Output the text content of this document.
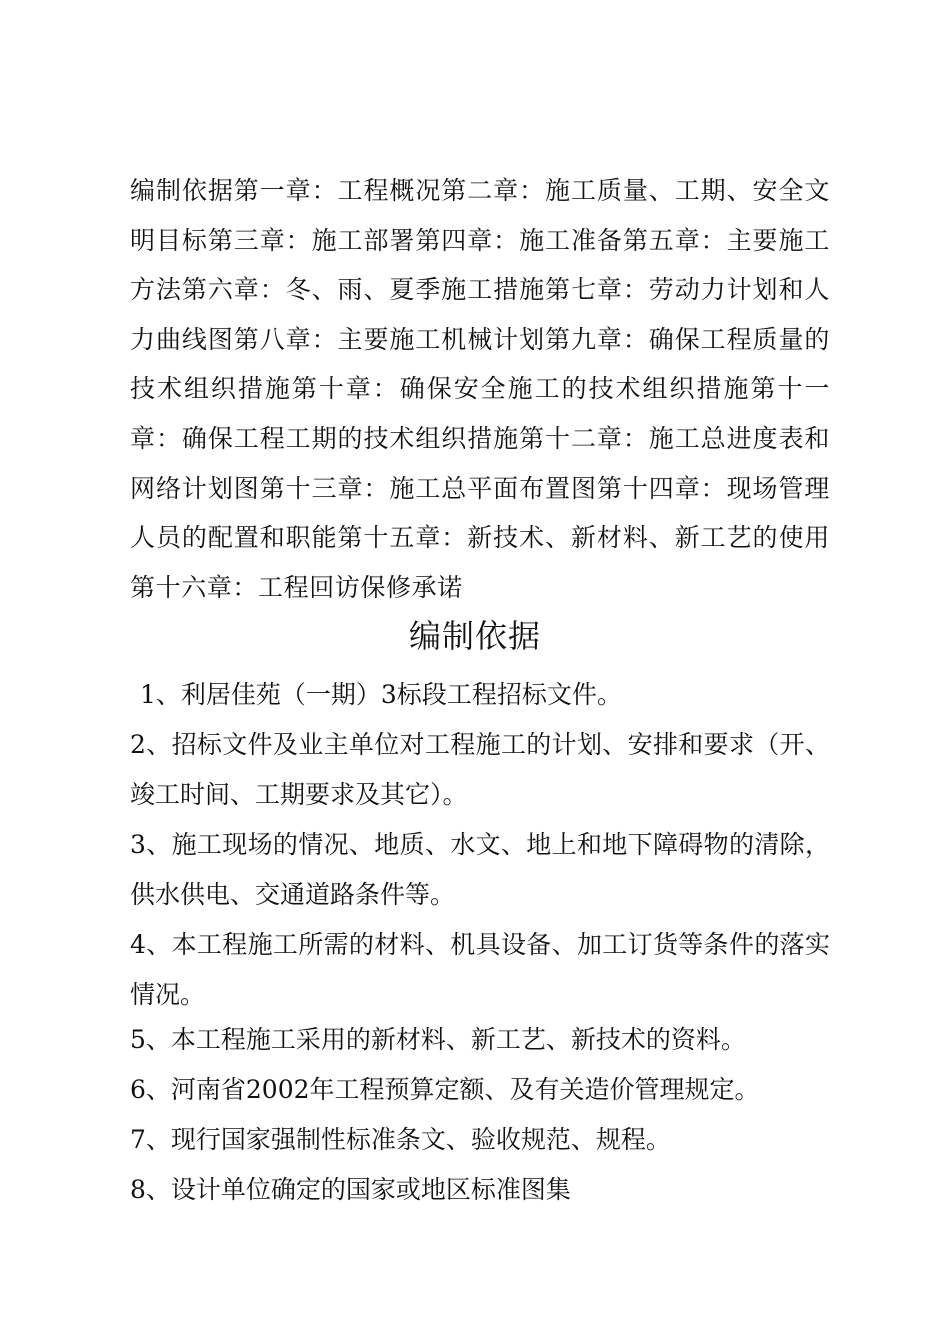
编制依据第一章：工程概况第二章：施工质量、工期、安全文明目标第三章：施工部署第四章：施工准备第五章：主要施工方法第六章：冬、雨、夏季施工措施第七章：劳动力计划和人力曲线图第八章：主要施工机械计划第九章：确保工程质量的技术组织措施第十章：确保安全施工的技术组织措施第十一章：确保工程工期的技术组织措施第十二章：施工总进度表和网络计划图第十三章：施工总平面布置图第十四章：现场管理人员的配置和职能第十五章：新技术、新材料、新工艺的使用第十六章：工程回访保修承诺
编制依据
1、利居佳苑（一期）3标段工程招标文件。
2、招标文件及业主单位对工程施工的计划、安排和要求（开、竣工时间、工期要求及其它）。
3、施工现场的情况、地质、水文、地上和地下障碍物的清除，供水供电、交通道路条件等。
4、本工程施工所需的材料、机具设备、加工订货等条件的落实情况。
5、本工程施工采用的新材料、新工艺、新技术的资料。
6、河南省2002年工程预算定额、及有关造价管理规定。
7、现行国家强制性标准条文、验收规范、规程。
8、设计单位确定的国家或地区标准图集
